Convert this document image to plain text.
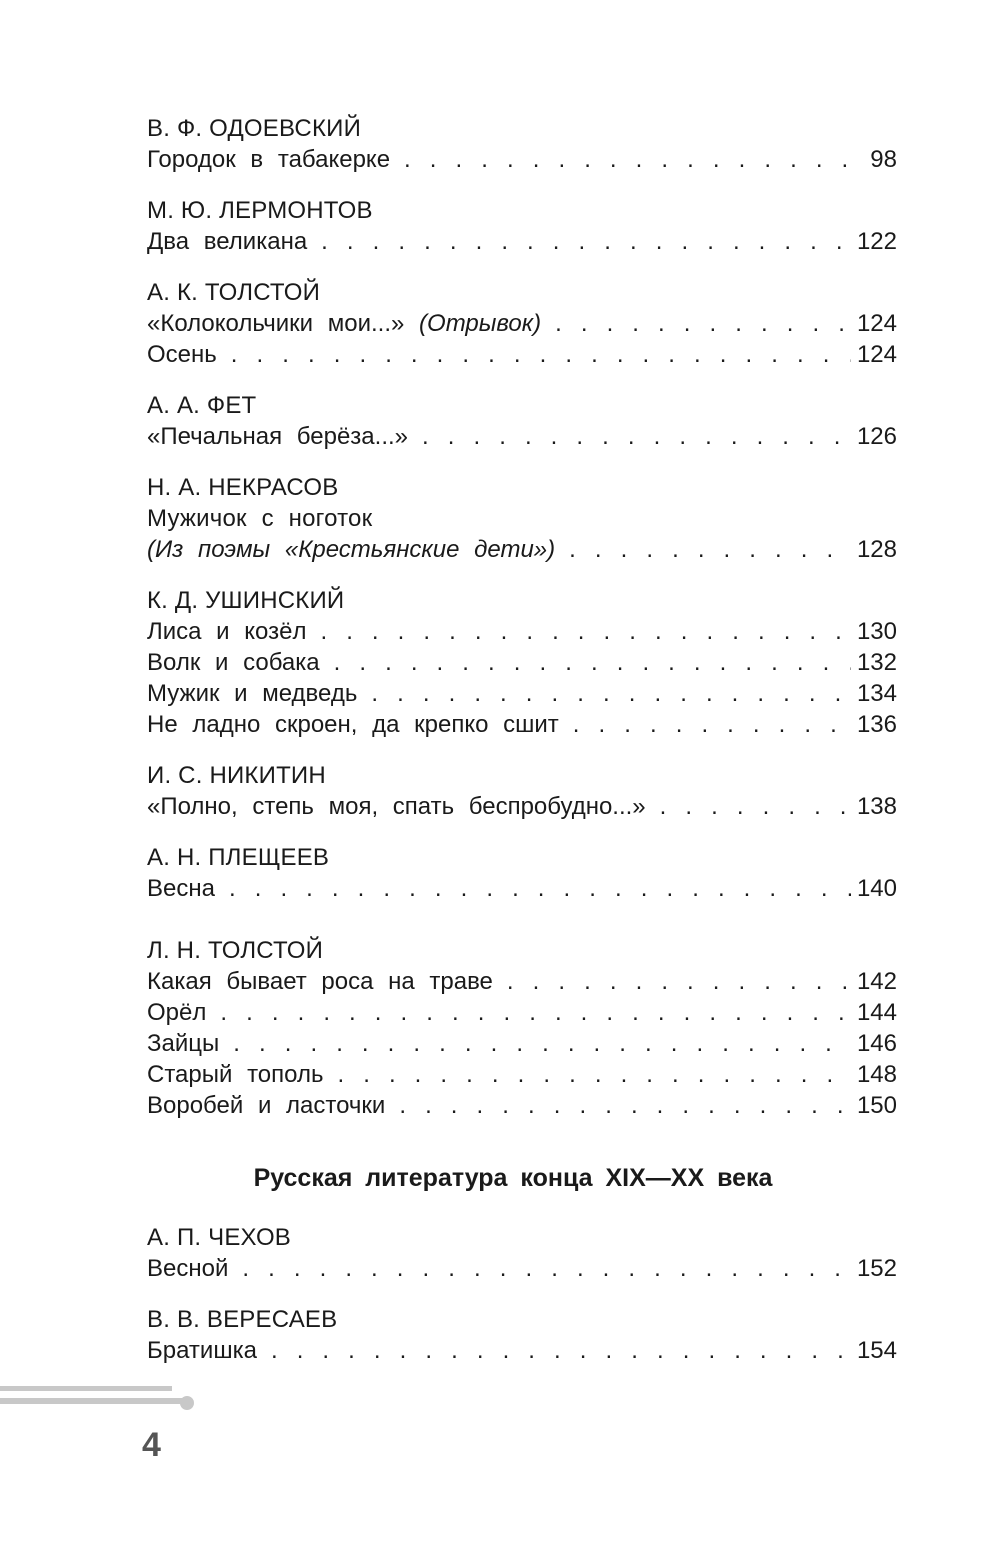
В. Ф. ОДОЕВСКИЙ
Городок в табакерке . . .	98
М. Ю. ЛЕРМОНТОВ
Два великана . . .	122
А. К. ТОЛСТОЙ
«Колокольчики мои...» (Отрывок) . . .	124
Осень . . .	124
А. А. ФЕТ
«Печальная берёза...» . . .	126
Н. А. НЕКРАСОВ
Мужичок с ноготок
(Из поэмы «Крестьянские дети») . . .	128
К. Д. УШИНСКИЙ
Лиса и козёл . . .	130
Волк и собака . . .	132
Мужик и медведь . . .	134
Не ладно скроен, да крепко сшит . . .	136
И. С. НИКИТИН
«Полно, степь моя, спать беспробудно...» . . .	138
А. Н. ПЛЕЩЕЕВ
Весна . . .	140
Л. Н. ТОЛСТОЙ
Какая бывает роса на траве . . .	142
Орёл . . .	144
Зайцы . . .	146
Старый тополь . . .	148
Воробей и ласточки . . .	150
Русская литература конца XIX—XX века
А. П. ЧЕХОВ
Весной . . .	152
В. В. ВЕРЕСАЕВ
Братишка . . .	154
4
